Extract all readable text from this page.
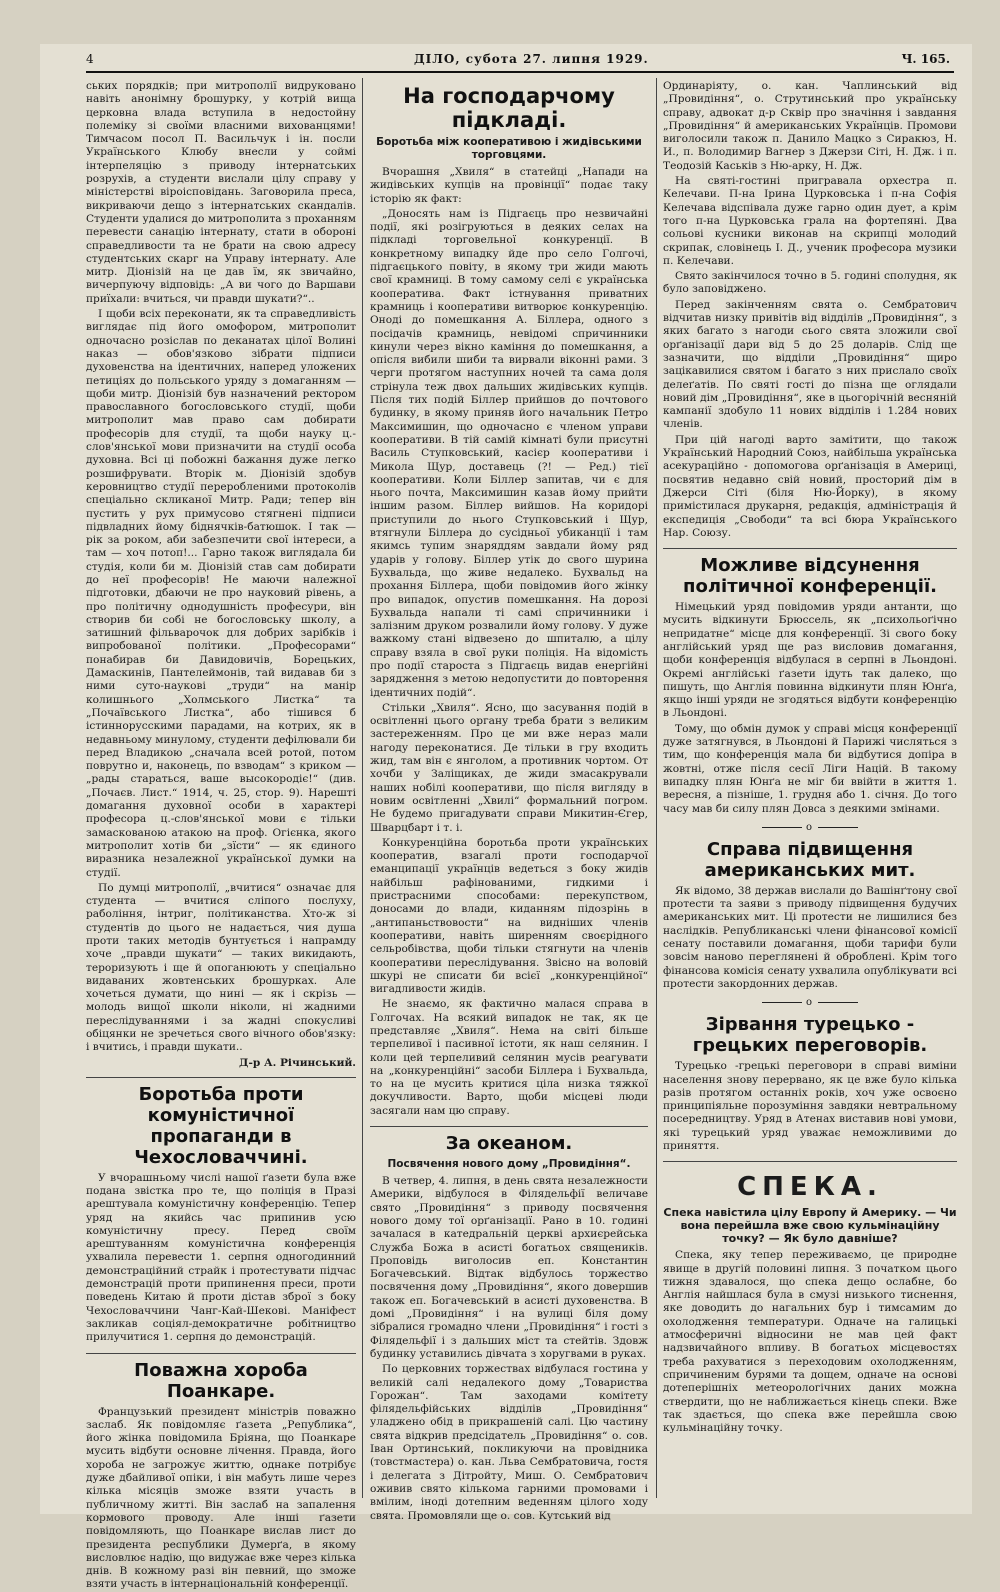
4	ДІЛО, субота 27. липня 1929.	Ч. 165.

ських порядків; при митрополії видруковано навіть анонімну брошурку, у котрій вища церковна влада вступила в недостойну полеміку зі своїми власними вихованцями! Тимчасом посол П. Васильчук і ін. посли Українського Клюбу внесли у соймі інтерпеляцію з приводу інтернатських розрухів, а студенти вислали цілу справу у міністерстві віроісповідань. Заговорила преса, викриваючи дещо з інтернатських скандалів. Студенти удалися до митрополита з проханням перевести санацію інтернату, стати в обороні справедливости та не брати на свою адресу студентських скарг на Управу інтернату. Але митр. Діонізій на це дав їм, як звичайно, вичерпуючу відповідь: „А ви чого до Варшави приїхали: вчиться, чи правди шукати?“..

І щоби всіх переконати, як та справедливість виглядає під його омофором, митрополит одночасно розіслав по деканатах цілої Волині наказ — обов'язково зібрати підписи духовенства на ідентичних, наперед уложених петиціях до польського уряду з домаганням — щоби митр. Діонізій був назначений ректором православного богословського студії, щоби митрополит мав право сам добирати професорів для студії, та щоби науку ц.-слов'янської мови призначити на студії особа духовна. Всі ці побожні бажання дуже легко розшифрувати. Вторік м. Діонізій здобув керовництво студії переробленими протоколів спеціально скликаної Митр. Ради; тепер він пустить у рух примусово стягнені підписи підвладних йому біднячків-батюшок. І так — рік за роком, аби забезпечити свої інтереси, а там — хоч потоп!... Гарно також виглядала би студія, коли би м. Діонізій став сам добирати до неї професорів! Не маючи належної підготовки, дбаючи не про науковий рівень, а про політичну однодушність професури, він створив би собі не богословську школу, а затишний фільварочок для добрих зарібків і випробованої політики. „Професорами“ понабирав би Давидовичів, Борецьких, Дамаскинів, Пантелеймонів, тай видавав би з ними суто-наукові „труди“ на манір колишнього „Холмського Листка“ та „Почаївського Листка“, або тішився б істиннорусскими парадами, на котрих, як в недавньому минулому, студенти дефілювали би перед Владикою „сначала всей ротой, потом поврутно и, наконець, по взводам“ з криком — „рады стараться, ваше высокородіє!“ (див. „Почаєв. Лист.“ 1914, ч. 25, стор. 9). Нарешті домагання духовної особи в характері професора ц.-слов'янської мови є тільки замаскованою атакою на проф. Огієнка, якого митрополит хотів би „зїсти“ — як єдиного виразника незалежної української думки на студії.

По думці митрополії, „вчитися“ означає для студента — вчитися сліпого послуху, рабоління, інтриг, політиканства. Хто-ж зі студентів до цього не надається, чия душа проти таких методів бунтується і напрамду хоче „правди шукати“ — таких викидають, тероризують і ще й опоганюють у спеціально видаваних жовтенських брошурках. Але хочеться думати, що нині — як і скрізь — молодь вищої школи ніколи, ні жадними переслідуваннями і за жадні спокусливі обіцянки не зречеться свого вічного обов'язку: і вчитись, і правди шукати..

Д-р А. Річинський.
Боротьба проти комуністичної пропаганди в Чехословаччині.

У вчорашньому числі нашої ґазети була вже подана звістка про те, що поліція в Празі арештувала комуністичну конференцію. Тепер уряд на якийсь час припинив усю комуністичну пресу. Перед своїм арештуванням комуністична конференція ухвалила перевести 1. серпня одногодинний демонстраційний страйк і протестувати підчас демонстрацій проти припинення преси, проти поведень Китаю й проти дістав зброї з боку Чехословаччини Чанг-Кай-Шекові. Маніфест закликав соціял-демократичне робітництво прилучитися 1. серпня до демонстрацій.

Поважна хороба Поанкаре.

Французький президент міністрів поважно заслаб. Як повідомляє ґазета „Република“, його жінка повідомила Бріяна, що Поанкаре мусить відбути основне лічення. Правда, його хорoба не загрожує життю, однаке потрібує дуже дбайливої опіки, і він мабуть лише через кілька місяців зможе взяти участь в публичному житті. Він заслаб на запалення кормового проводу. Але інші ґазети повідомляють, що Поанкаре вислав лист до президента республики Думерґа, в якому висловлює надію, що видужає вже через кілька днів. В кожному разі він певний, що зможе взяти участь в інтернаціональній конференції.

На господарчому підкладі.
Боротьба між кооперативою і жидівськими торговцями.

Вчорашня „Хвиля“ в статейці „Напади на жидівських купців на провінції“ подає таку історію як факт:

„Доносять нам із Підгаєць про незвичайні події, які розігруються в деяких селах на підкладі торговельної конкуренції. В конкретному випадку йде про село Голгочі, підгаєцького повіту, в якому три жиди мають свої крамниці. В тому самому селі є українська кооператива. Факт істнування приватних крамниць і кооперативи витворює конкуренцію. Оноді до помешкання А. Біллера, одного з посідачів крамниць, невідомі спричинники кинули через вікно каміння до помешкання, а опісля вибили шиби та вирвали віконні рами. З черги протягом наступних ночей та сама доля стрінула теж двох дальших жидівських купців. Після тих подій Біллер прийшов до почтового будинку, в якому приняв його начальник Петро Максимишин, що одночасно є членом управи кооперативи. В тій самій кімнаті були присутні Василь Ступковський, касієр кооперативи і Микола Щур, доставець (?! — Ред.) тієї кооперативи. Коли Біллер запитав, чи є для нього почта, Максимишин казав йому прийти іншим разом. Біллер вийшов. На коридорі приступили до нього Ступковський і Щур, втягнули Біллера до сусідньої убиканції і там якимсь тупим знаряддям завдали йому ряд ударів у голову. Біллер утік до свого шурина Бухвальда, що живе недалеко. Бухвальд на прохання Біллера, щоби повідомив його жінку про випадок, опустив помешкання. На дорозі Бухвальда напали ті самі спричинники і залізним друком розвалили йому голову. У дуже важкому стані відвезено до шпиталю, а цілу справу взяла в свої руки поліція. На відомість про події староста з Підгаєць видав енергійні зарядження з метою недопустити до повторення ідентичних подій“.

Стільки „Хвиля“. Ясно, що засування подій в освітленні цього органу треба брати з великим застереженням. Про це ми вже нераз мали нагоду переконатися. Де тільки в гру входить жид, там він є янголом, а противник чортом. От хочби у Заліщиках, де жиди змасакрували наших нобілі кооперативи, що після вигляду в новим освітленні „Хвилі“ формальний погром. Не будемо пригадувати справи Микитин-Єгер, Шварцбарт і т. і.

Конкуренційна боротьба проти українських кооператив, взагалі проти господарчої еманципації українців ведеться з боку жидів найбільш рафінованими, гидкими і пристрасними способами: перекупством, доносами до влади, киданням підозрінь в „антипаньствовости“ на видніших членів кооперативи, навіть ширенням своєрідного сельробівства, щоби тільки стягнути на членів кооперативи переслідування. Звісно на воловій шкурі не списати би всієї „конкуренційної“ вигадливости жидів.

Не знаємо, як фактично малася справа в Голгочах. На всякий випадок не так, як це представляє „Хвиля“. Нема на світі більше терпеливої і пасивної істоти, як наш селянин. І коли цей терпеливий селянин мусів реагувати на „конкуренційні“ засоби Біллера і Бухвальда, то на це мусить критися ціла низка тяжкої докучливости. Варто, щоби місцеві люди засягали нам цю справу.

За океаном.
Посвячення нового дому „Провидіння“.

В четвер, 4. липня, в день свята незалежности Америки, відбулося в Філядельфії величаве свято „Провидіння“ з приводу посвячення нового дому тої орґанізації. Рано в 10. годині зачалася в катедральній церкві архиєрейська Служба Божа в асисті богатьох священиків. Проповідь вигoлосив еп. Константин Богачевський. Відтак відбулось торжество посвячення дому „Провидіння“, якого довершив також еп. Богачевський в асисті духовенства. В домі „Провидіння“ і на вулиці біля дому зібралися громадно члени „Провидіння“ і гості з Філядельфії і з дальших міст та стейтів. Здовж будинку уставились дівчата з хоругвами в руках.

По церковних торжествах відбулася гостина у великій салі недалекого дому „Товариства Горожан“. Там заходами комітету філядельфійських відділів „Провидіння“ уладжено обід в прикрашеній салі. Цю частину свята відкрив предсідатель „Провидіння“ о. сов. Іван Ортинський, покликуючи на провідника (товстмастера) о. кан. Льва Сембратовича, гостя і делегата з Дітройту, Миш. О. Сембратович оживив свято кількома гарними промовами і вмілим, іноді дотепним веденням цілого ходу свята. Промовляли ще о. сов. Кутський від

Ординаріяту, о. кан. Чаплинський від „Провидіння“, о. Струтинський про українську справу, адвокат д-р Сквір про значіння і завдання „Провидіння“ й американських Українців. Промови виголосили також п. Данило Мацко з Сиракюз, Н. И., п. Володимир Вагнер з Джерзи Сіті, Н. Дж. і п. Теодозій Каськів з Ню-арку, Н. Дж.

На святі-гостині пригравала орхестра п. Келечави. П-на Ірина Цурковська і п-на Софія Келечава відспівала дуже гарно один дует, а крім того п-на Цурковська грала на фортепяні. Два сольові кусники виконав на скрипці молодий скрипак, словінець І. Д., ученик професора музики п. Келечави.

Свято закінчилося точно в 5. годині сполудня, як було заповіджено.

Перед закінченням свята о. Сембратович відчитав низку привітів від відділів „Провидіння“, з яких багато з нагоди сього свята зложили свої орґанізації дари від 5 до 25 доларів. Слід ще зазначити, що відділи „Провидіння“ щиро зацікавилися святом і багато з них прислало своїх делеґатів. По святі гості до пізна ще оглядали новий дім „Провидіння“, яке в цьогорічній весняній кампанії здобуло 11 нових відділів і 1.284 нових членів.

При цій нагоді варто замітити, що також Український Народний Союз, найбільша українська асекураційно - допомогова орґанізація в Америці, посвятив недавно свій новий, просторий дім в Джерси Сіті (біля Ню-Йорку), в якому примістилася друкарня, редакція, адміністрація й експедиція „Свободи“ та всі бюра Українського Нар. Союзу.

Можливе відсунення політичної конференції.

Німецький уряд повідомив уряди антанти, що мусить відкинути Брюссель, як „психольоґічно непридатне“ місце для конференції. Зі свого боку англійський уряд ще раз висловив домагання, щоби конференція відбулася в серпні в Льондоні. Окремі англійські ґазети ідуть так далеко, що пишуть, що Англія повинна відкинути плян Юнґа, якщо інші уряди не згодяться відбути конференцію в Льондоні.

Тому, що обмін думок у справі місця конференції дуже затягнувся, в Льондоні й Парижі числяться з тим, що конференція мала би відбутися допіра в жовтні, отже після сесії Ліги Націй. В такому випадку плян Юнґа не міг би ввійти в життя 1. вересня, а пізніше, 1. грудня або 1. січня. До того часу мав би силу плян Довса з деякими змінами.

о
Справа підвищення американських мит.

Як відомо, 38 держав вислали до Вашінґтону свої протести та заяви з приводу підвищення будучих американських мит. Ці протести не лишилися без наслідків. Републиканські члени фінансової комісії сенату поставили домагання, щоби тарифи були зовсім наново переглянені й оброблені. Крім того фінансова комісія сенату ухвалила опублікувати всі протести закордонних держав.

о
Зірвання турецько - грецьких переговорів.

Турецько -грецькі переговори в справі виміни населення знову перервано, як це вже було кілька разів протягом останніх років, хоч уже освоєно принципіяльне порозуміння завдяки невтральному посередництву. Уряд в Атенах виставив нові умови, які турецький уряд уважає неможливими до приняття.

СПЕКА.
Спека навістила цілу Европу й Америку. — Чи вона перейшла вже свою кульмінаційну точку? — Як було давніше?

Спека, яку тепер переживаємо, це природне явище в другій половині липня. З початком цього тижня здавалося, що спека дещо ослабне, бо Англія найшлася була в смузі низького тиснення, яке доводить до нагальних бур і тимсамим до охолодження температури. Одначе на галицькі атмосферичні відносини не мав цей факт надзвичайного впливу. В богатьох місцевостях треба рахуватися з переходовим охолодженням, спричиненим бурями та дощем, одначе на основі дотеперішніх метеорологічних даних можна ствердити, що не наближається кінець спеки. Вже так здається, що спека вже перейшла свою кульмінаційну точку.
